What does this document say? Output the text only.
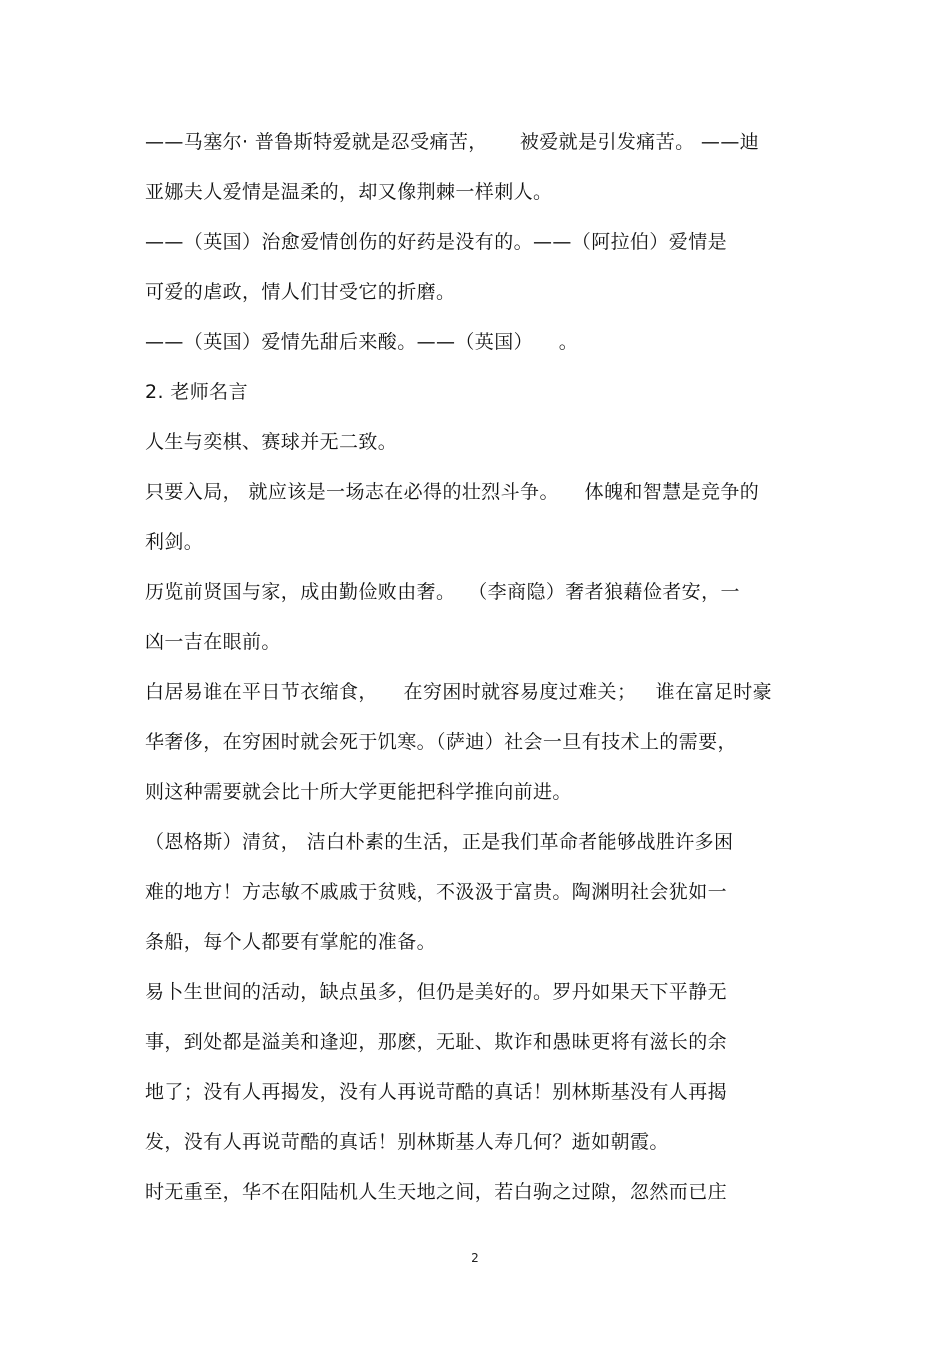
——马塞尔· 普鲁斯特爱就是忍受痛苦，     被爱就是引发痛苦。 ——迪
亚娜夫人爱情是温柔的，却又像荆棘一样刺人。
——（英国）治愈爱情创伤的好药是没有的。——（阿拉伯）爱情是
可爱的虐政，情人们甘受它的折磨。
——（英国）爱情先甜后来酸。——（英国）    。
2. 老师名言
人生与奕棋、赛球并无二致。
只要入局， 就应该是一场志在必得的壮烈斗争。    体魄和智慧是竞争的
利剑。
历览前贤国与家，成由勤俭败由奢。  （李商隐）奢者狼藉俭者安，一
凶一吉在眼前。
白居易谁在平日节衣缩食，    在穷困时就容易度过难关；   谁在富足时豪
华奢侈，在穷困时就会死于饥寒。（萨迪）社会一旦有技术上的需要，
则这种需要就会比十所大学更能把科学推向前进。
（恩格斯）清贫， 洁白朴素的生活，正是我们革命者能够战胜许多困
难的地方！方志敏不戚戚于贫贱，不汲汲于富贵。陶渊明社会犹如一
条船，每个人都要有掌舵的准备。
易卜生世间的活动，缺点虽多，但仍是美好的。罗丹如果天下平静无
事，到处都是溢美和逢迎，那麽，无耻、欺诈和愚昧更将有滋长的余
地了；没有人再揭发，没有人再说苛酷的真话！别林斯基没有人再揭
发，没有人再说苛酷的真话！别林斯基人寿几何？逝如朝霞。
时无重至，华不在阳陆机人生天地之间，若白驹之过隙，忽然而已庄
2
